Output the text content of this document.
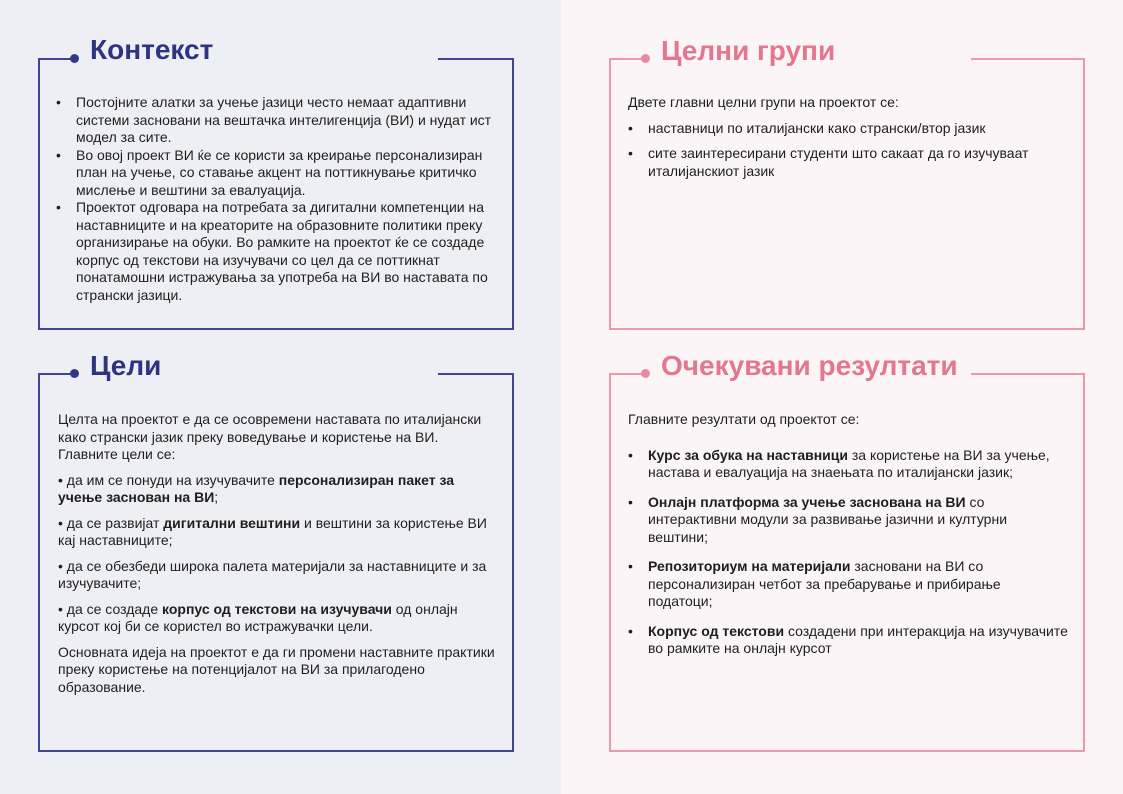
Контекст
• Постојните алатки за учење јазици често немаат адаптивни системи засновани на вештачка интелигенција (ВИ) и нудат ист модел за сите.
• Во овој проект ВИ ќе се користи за креирање персонализиран план на учење, со ставање акцент на поттикнување критичко мислење и вештини за евалуација.
• Проектот одговара на потребата за дигитални компетенции на наставниците и на креаторите на образовните политики преку организирање на обуки. Во рамките на проектот ќе се создаде корпус од текстови на изучувачи со цел да се поттикнат понатамошни истражувања за употреба на ВИ во наставата по странски јазици.
Цели

Целта на проектот е да се осовремени наставата по италијански како странски јазик преку воведување и користење на ВИ. Главните цели се:

• да им се понуди на изучувачите персонализиран пакет за учење заснован на ВИ;

• да се развијат дигитални вештини и вештини за користење ВИ кај наставниците;

• да се обезбеди широка палета материјали за наставниците и за изучувачите;

• да се создаде корпус од текстови на изучувачи од онлајн курсот кој би се користел во истражувачки цели.

Основната идеја на проектот е да ги промени наставните практики преку користење на потенцијалот на ВИ за прилагодено образование.

Целни групи

Двете главни целни групи на проектот се:

• наставници по италијански како странски/втор јазик
• сите заинтересирани студенти што сакаат да го изучуваат италијанскиот јазик
Очекувани резултати

Главните резултати од проектот се:

• Курс за обука на наставници за користење на ВИ за учење, настава и евалуација на знаењата по италијански јазик;
• Онлајн платформа за учење заснована на ВИ со интерактивни модули за развивање јазични и културни вештини;
• Репозиториум на материјали засновани на ВИ со персонализиран четбот за пребарување и прибирање податоци;
• Корпус од текстови создадени при интеракција на изучувачите во рамките на онлајн курсот
